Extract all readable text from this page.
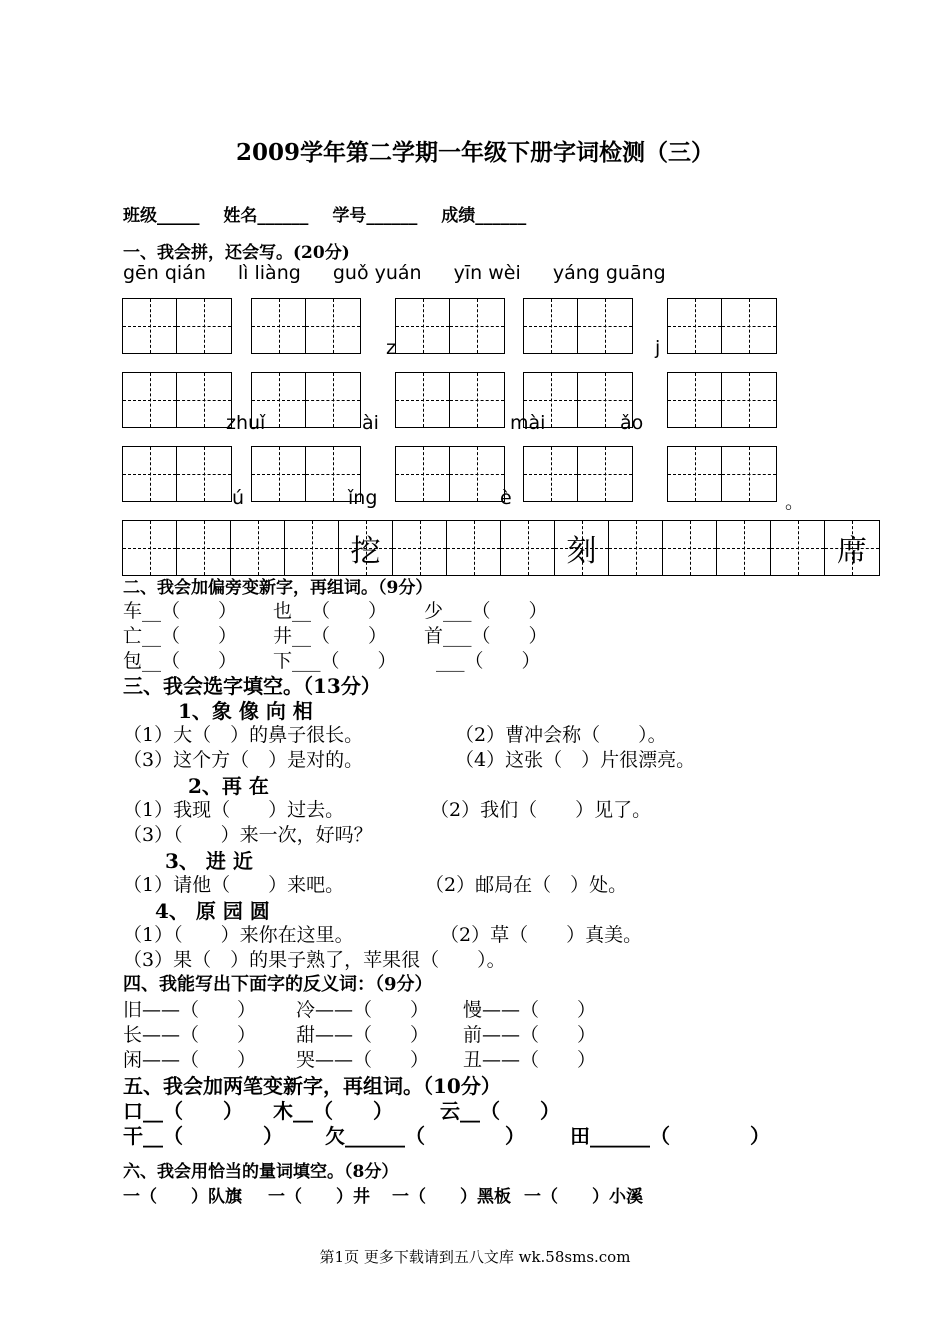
2009学年第二学期一年级下册字词检测（三）
班级_____ 姓名______ 学号______ 成绩______
一、我会拼，还会写。(20分)
gēn qián lì liàng guǒ yuán yīn wèi yáng guāng
z	j
zhuǐ	ài	mài	ǎo
ú	ǐng	è	。
挖	刻	席
二、我会加偏旁变新字，再组词。（9分）
车__（　　） 也__（　　） 少___（　　）
亡__（　　） 井__（　　） 首___（　　）
包__（　　） 下___（　　） ___（　　）
三、我会选字填空。（13分）
1、象 像 向 相
（1）大（　）的鼻子很长。	（2）曹冲会称（　　）。
（3）这个方（　）是对的。	（4）这张（　）片很漂亮。
2、再 在
（1）我现（　　）过去。	（2）我们（　　）见了。
（3）（　　）来一次，好吗？
3、 进 近
（1）请他（　　）来吧。	（2）邮局在（　）处。
4、 原 园 圆
（1）（　　）来你在这里。	（2）草（　　）真美。
（3）果（　）的果子熟了，苹果很（　　）。
四、我能写出下面字的反义词：（9分）
旧——（　　） 冷——（　　） 慢——（　　）
长——（　　） 甜——（　　） 前——（　　）
闲——（　　） 哭——（　　） 丑——（　　）
五、我会加两笔变新字，再组词。（10分）
口__（　　） 木__（　　） 云__（　　）
干__（　　　　） 欠______（　　　　） 田______（　　　　）
六、我会用恰当的量词填空。（8分）
一（　　）队旗 一（　　）井 一（　　）黑板 一（　　）小溪
第1页 更多下载请到五八文库 wk.58sms.com
